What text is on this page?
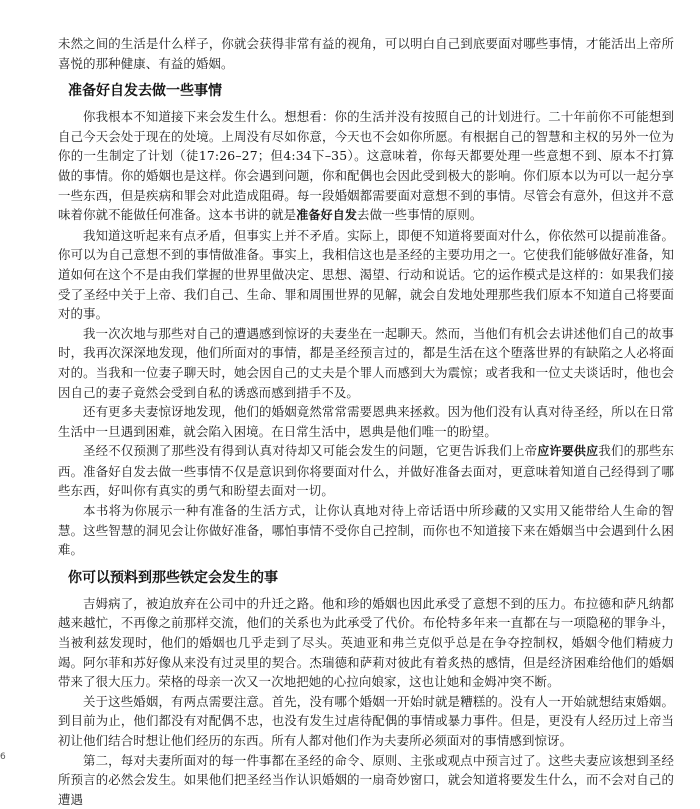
未然之间的生活是什么样子，你就会获得非常有益的视角，可以明白自己到底要面对哪些事情，才能活出上帝所喜悦的那种健康、有益的婚姻。

准备好自发去做一些事情

你我根本不知道接下来会发生什么。想想看：你的生活并没有按照自己的计划进行。二十年前你不可能想到自己今天会处于现在的处境。上周没有尽如你意，今天也不会如你所愿。有根据自己的智慧和主权的另外一位为你的一生制定了计划（徒17:26–27；但4:34下–35）。这意味着，你每天都要处理一些意想不到、原本不打算做的事情。你的婚姻也是这样。你会遇到问题，你和配偶也会因此受到极大的影响。你们原本以为可以一起分享一些东西，但是疾病和罪会对此造成阻碍。每一段婚姻都需要面对意想不到的事情。尽管会有意外，但这并不意味着你就不能做任何准备。这本书讲的就是准备好自发去做一些事情的原则。

我知道这听起来有点矛盾，但事实上并不矛盾。实际上，即便不知道将要面对什么，你依然可以提前准备。你可以为自己意想不到的事情做准备。事实上，我相信这也是圣经的主要功用之一。它使我们能够做好准备，知道如何在这个不是由我们掌握的世界里做决定、思想、渴望、行动和说话。它的运作模式是这样的：如果我们接受了圣经中关于上帝、我们自己、生命、罪和周围世界的见解，就会自发地处理那些我们原本不知道自己将要面对的事。

我一次次地与那些对自己的遭遇感到惊讶的夫妻坐在一起聊天。然而，当他们有机会去讲述他们自己的故事时，我再次深深地发现，他们所面对的事情，都是圣经预言过的，都是生活在这个堕落世界的有缺陷之人必将面对的。当我和一位妻子聊天时，她会因自己的丈夫是个罪人而感到大为震惊；或者我和一位丈夫谈话时，他也会因自己的妻子竟然会受到自私的诱惑而感到措手不及。

还有更多夫妻惊讶地发现，他们的婚姻竟然常常需要恩典来拯救。因为他们没有认真对待圣经，所以在日常生活中一旦遇到困难，就会陷入困境。在日常生活中，恩典是他们唯一的盼望。

圣经不仅预测了那些没有得到认真对待却又可能会发生的问题，它更告诉我们上帝应许要供应我们的那些东西。准备好自发去做一些事情不仅是意识到你将要面对什么，并做好准备去面对，更意味着知道自己经得到了哪些东西，好叫你有真实的勇气和盼望去面对一切。

本书将为你展示一种有准备的生活方式，让你认真地对待上帝话语中所珍藏的又实用又能带给人生命的智慧。这些智慧的洞见会让你做好准备，哪怕事情不受你自己控制，而你也不知道接下来在婚姻当中会遇到什么困难。

你可以预料到那些铁定会发生的事

吉姆病了，被迫放弃在公司中的升迁之路。他和珍的婚姻也因此承受了意想不到的压力。布拉德和萨凡纳都越来越忙，不再像之前那样交流，他们的关系也为此承受了代价。布伦特多年来一直都在与一项隐秘的罪争斗，当被利兹发现时，他们的婚姻也几乎走到了尽头。英迪亚和弗兰克似乎总是在争夺控制权，婚姻令他们精疲力竭。阿尔菲和苏好像从来没有过灵里的契合。杰瑞德和萨莉对彼此有着炙热的感情，但是经济困难给他们的婚姻带来了很大压力。荣格的母亲一次又一次地把她的心拉向娘家，这也让她和金姆冲突不断。

关于这些婚姻，有两点需要注意。首先，没有哪个婚姻一开始时就是糟糕的。没有人一开始就想结束婚姻。到目前为止，他们都没有对配偶不忠，也没有发生过虐待配偶的事情或暴力事件。但是，更没有人经历过上帝当初让他们结合时想让他们经历的东西。所有人都对他们作为夫妻所必须面对的事情感到惊讶。

第二，每对夫妻所面对的每一件事都在圣经的命令、原则、主张或观点中预言过了。这些夫妻应该想到圣经所预言的必然会发生。如果他们把圣经当作认识婚姻的一扇奇妙窗口，就会知道将要发生什么，而不会对自己的遭遇

6
